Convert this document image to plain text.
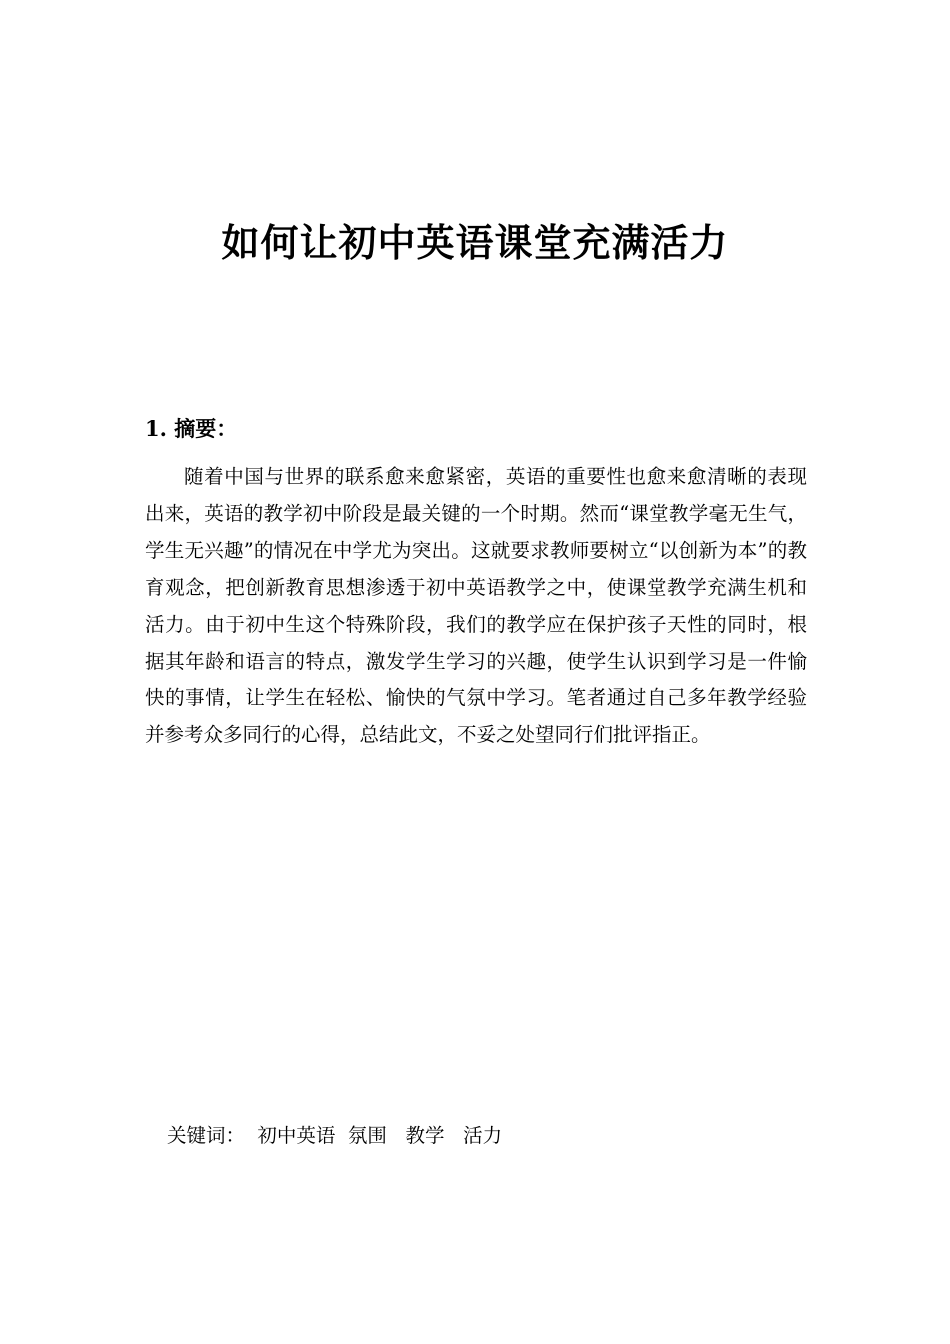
如何让初中英语课堂充满活力
1. 摘要：

随着中国与世界的联系愈来愈紧密，英语的重要性也愈来愈清晰的表现出来，英语的教学初中阶段是最关键的一个时期。然而“课堂教学毫无生气，学生无兴趣”的情况在中学尤为突出。这就要求教师要树立“以创新为本”的教育观念，把创新教育思想渗透于初中英语教学之中，使课堂教学充满生机和活力。由于初中生这个特殊阶段，我们的教学应在保护孩子天性的同时，根据其年龄和语言的特点，激发学生学习的兴趣，使学生认识到学习是一件愉快的事情，让学生在轻松、愉快的气氛中学习。笔者通过自己多年教学经验并参考众多同行的心得，总结此文，不妥之处望同行们批评指正。

关键词： 初中英语 氛围 教学 活力
